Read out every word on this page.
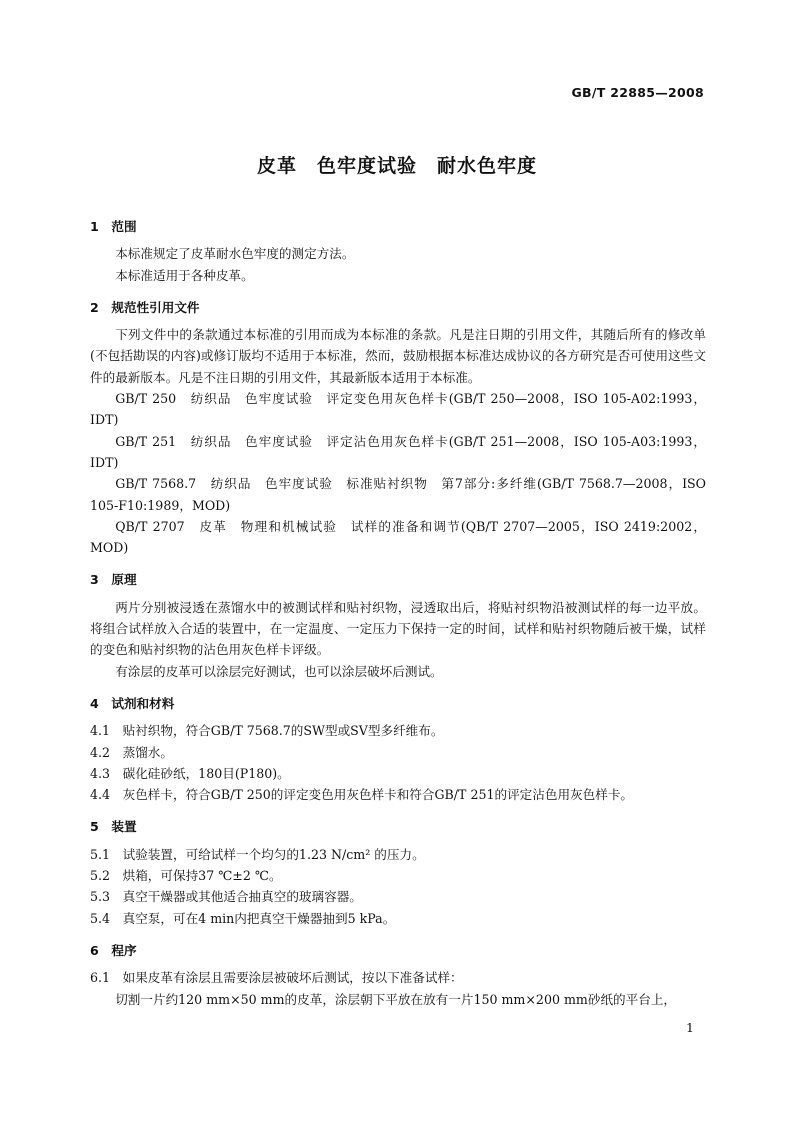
GB/T 22885—2008
皮革　色牢度试验　耐水色牢度

1　范围

本标准规定了皮革耐水色牢度的测定方法。

本标准适用于各种皮革。

2　规范性引用文件

下列文件中的条款通过本标准的引用而成为本标准的条款。凡是注日期的引用文件，其随后所有的修改单(不包括勘误的内容)或修订版均不适用于本标准，然而，鼓励根据本标准达成协议的各方研究是否可使用这些文件的最新版本。凡是不注日期的引用文件，其最新版本适用于本标准。

GB/T 250　纺织品　色牢度试验　评定变色用灰色样卡(GB/T 250—2008，ISO 105-A02:1993，IDT)

GB/T 251　纺织品　色牢度试验　评定沾色用灰色样卡(GB/T 251—2008，ISO 105-A03:1993，IDT)

GB/T 7568.7　纺织品　色牢度试验　标准贴衬织物　第7部分:多纤维(GB/T 7568.7—2008，ISO 105-F10:1989，MOD)

QB/T 2707　皮革　物理和机械试验　试样的准备和调节(QB/T 2707—2005，ISO 2419:2002，MOD)

3　原理

两片分别被浸透在蒸馏水中的被测试样和贴衬织物，浸透取出后，将贴衬织物沿被测试样的每一边平放。将组合试样放入合适的装置中，在一定温度、一定压力下保持一定的时间，试样和贴衬织物随后被干燥，试样的变色和贴衬织物的沾色用灰色样卡评级。

有涂层的皮革可以涂层完好测试，也可以涂层破坏后测试。

4　试剂和材料

4.1　贴衬织物，符合GB/T 7568.7的SW型或SV型多纤维布。

4.2　蒸馏水。

4.3　碳化硅砂纸，180目(P180)。

4.4　灰色样卡，符合GB/T 250的评定变色用灰色样卡和符合GB/T 251的评定沾色用灰色样卡。

5　装置

5.1　试验装置，可给试样一个均匀的1.23 N/cm² 的压力。

5.2　烘箱，可保持37 ℃±2 ℃。

5.3　真空干燥器或其他适合抽真空的玻璃容器。

5.4　真空泵，可在4 min内把真空干燥器抽到5 kPa。

6　程序

6.1　如果皮革有涂层且需要涂层被破坏后测试，按以下准备试样：

切割一片约120 mm×50 mm的皮革，涂层朝下平放在放有一片150 mm×200 mm砂纸的平台上，

1
